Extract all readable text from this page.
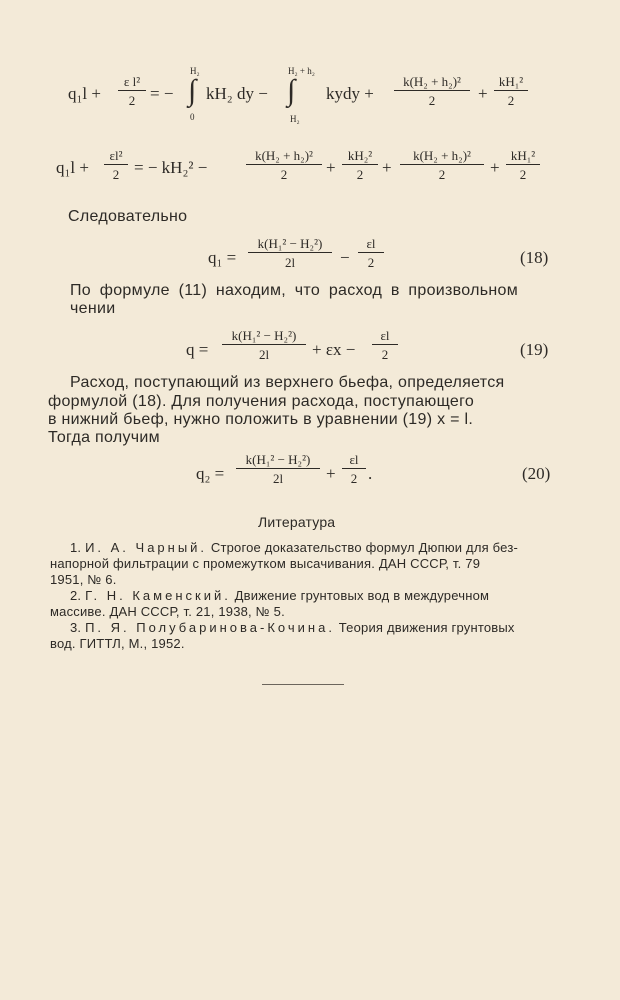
q₁l +
ε l²
2 = −
H₂
∫
0
kH₂ dy −
H₂ + h₂
∫
H₂
kydy +
k(H₂ + h₂)²
2	+
kH₁²
2
q₁l +
εl²
2 = − kH₂² −
k(H₂ + h₂)²
2	+
kH₂²
2	+
k(H₂ + h₂)²
2	+
kH₁²
2
Следовательно
q₁ =
k(H₁² − H₂²)
2l	−
εl
2	(18)
По формуле (11) находим, что расход в произвольном
чении
q =
k(H₁² − H₂²)
2l	+ εx −
εl
2	(19)
Расход, поступающий из верхнего бьефа, определяется
формулой (18). Для получения расхода, поступающего
в нижний бьеф, нужно положить в уравнении (19) x = l.
Тогда получим
q₂ =
k(H₁² − H₂²)
2l	+
εl
2 .	(20)
Литература
1. И. А. Чарный. Строгое доказательство формул Дюпюи для без-
напорной фильтрации с промежутком высачивания. ДАН СССР, т. 79
1951, № 6.
2. Г. Н. Каменский. Движение грунтовых вод в междуречном
массиве. ДАН СССР, т. 21, 1938, № 5.
3. П. Я. Полубаринова-Кочина. Теория движения грунтовых
вод. ГИТТЛ, М., 1952.
